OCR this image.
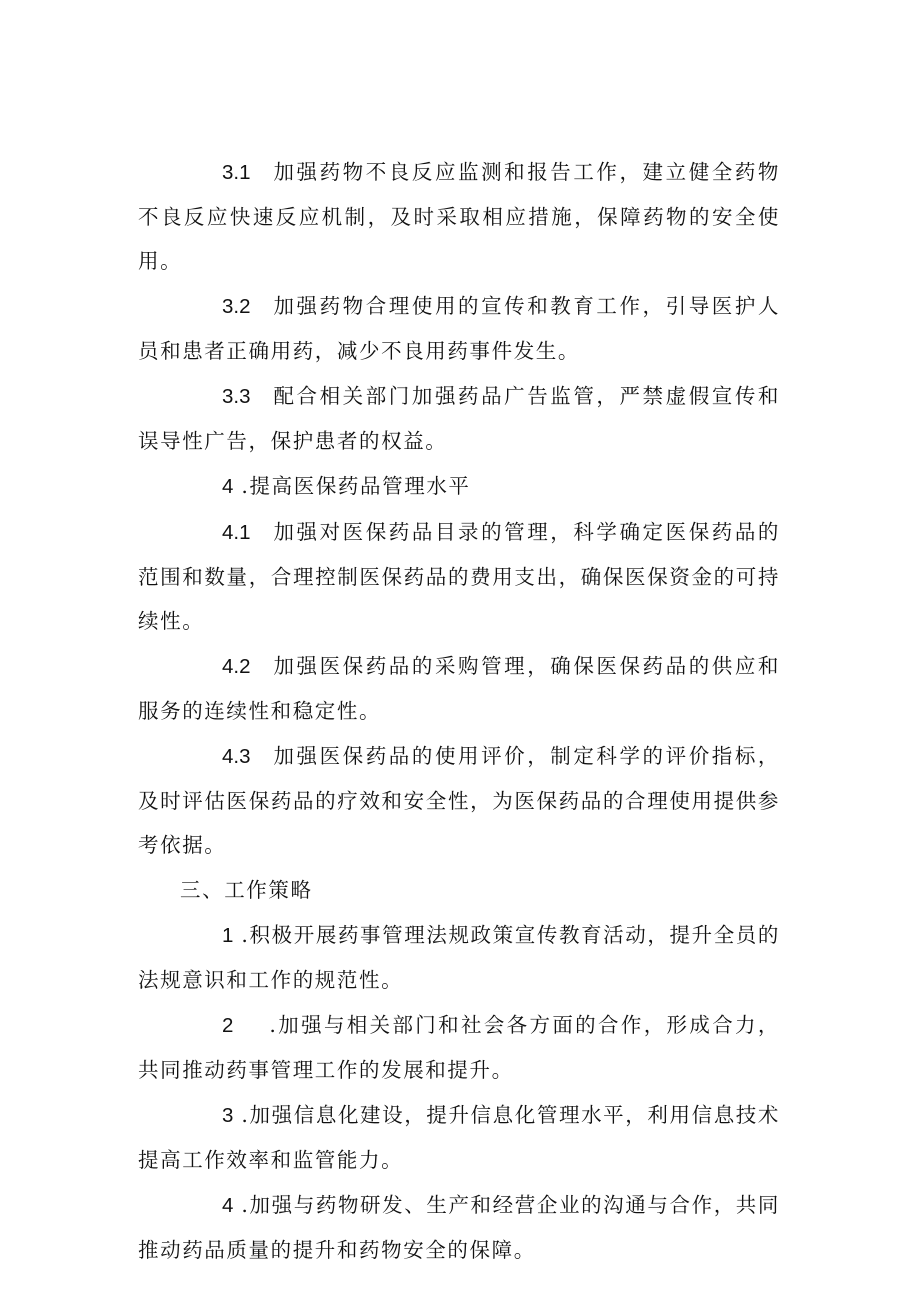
3.1 加强药物不良反应监测和报告工作，建立健全药物不良反应快速反应机制，及时采取相应措施，保障药物的安全使用。

3.2 加强药物合理使用的宣传和教育工作，引导医护人员和患者正确用药，减少不良用药事件发生。

3.3 配合相关部门加强药品广告监管，严禁虚假宣传和误导性广告，保护患者的权益。

4 .提高医保药品管理水平

4.1 加强对医保药品目录的管理，科学确定医保药品的范围和数量，合理控制医保药品的费用支出，确保医保资金的可持续性。

4.2 加强医保药品的采购管理，确保医保药品的供应和服务的连续性和稳定性。

4.3 加强医保药品的使用评价，制定科学的评价指标，及时评估医保药品的疗效和安全性，为医保药品的合理使用提供参考依据。

三、工作策略

1 .积极开展药事管理法规政策宣传教育活动，提升全员的法规意识和工作的规范性。

2 .加强与相关部门和社会各方面的合作，形成合力，共同推动药事管理工作的发展和提升。

3 .加强信息化建设，提升信息化管理水平，利用信息技术提高工作效率和监管能力。

4 .加强与药物研发、生产和经营企业的沟通与合作，共同推动药品质量的提升和药物安全的保障。
